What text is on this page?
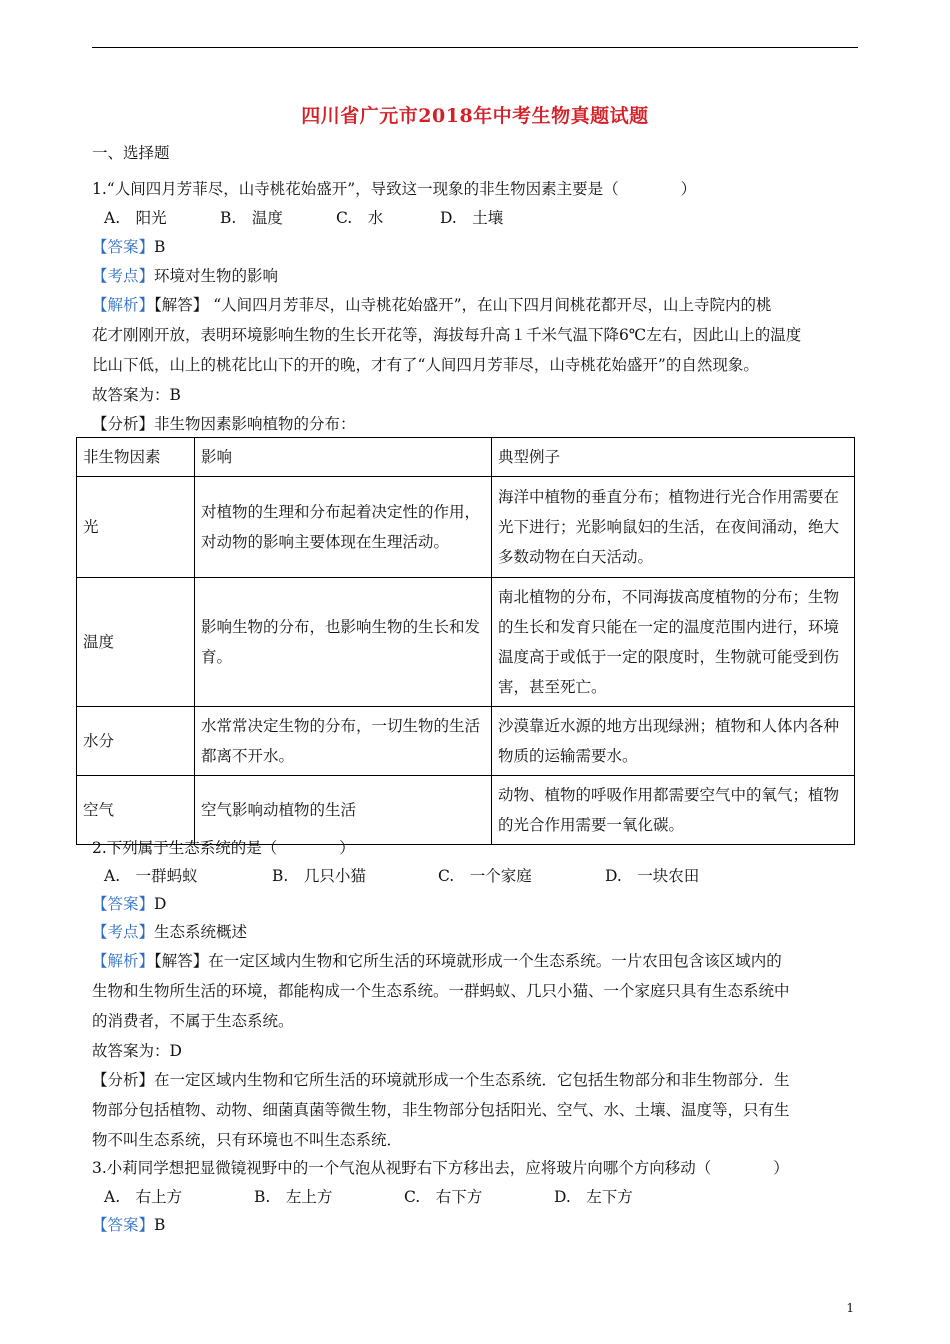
四川省广元市2018年中考生物真题试题
一、选择题
1.“人间四月芳菲尽，山寺桃花始盛开”，导致这一现象的非生物因素主要是（　　　　）
A.　阳光	B.　温度	C.　水	D.　土壤
【答案】B
【考点】环境对生物的影响
【解析】【解答】 “人间四月芳菲尽，山寺桃花始盛开”，在山下四月间桃花都开尽，山上寺院内的桃
花才刚刚开放，表明环境影响生物的生长开花等，海拔每升高１千米气温下降6℃左右，因此山上的温度
比山下低，山上的桃花比山下的开的晚，才有了“人间四月芳菲尽，山寺桃花始盛开”的自然现象。
故答案为：B
【分析】非生物因素影响植物的分布：
非生物因素	影响	典型例子
光	对植物的生理和分布起着决定性的作用，对动物的影响主要体现在生理活动。	海洋中植物的垂直分布；植物进行光合作用需要在光下进行；光影响鼠妇的生活，在夜间涌动，绝大多数动物在白天活动。
温度	影响生物的分布，也影响生物的生长和发育。	南北植物的分布，不同海拔高度植物的分布；生物的生长和发育只能在一定的温度范围内进行，环境温度高于或低于一定的限度时，生物就可能受到伤害，甚至死亡。
水分	水常常决定生物的分布，一切生物的生活都离不开水。	沙漠靠近水源的地方出现绿洲；植物和人体内各种物质的运输需要水。
空气	空气影响动植物的生活	动物、植物的呼吸作用都需要空气中的氧气；植物的光合作用需要一氧化碳。
2.下列属于生态系统的是（　　　　）
A.　一群蚂蚁	B.　几只小猫	C.　一个家庭	D.　一块农田
【答案】D
【考点】生态系统概述
【解析】【解答】在一定区域内生物和它所生活的环境就形成一个生态系统。一片农田包含该区域内的
生物和生物所生活的环境，都能构成一个生态系统。一群蚂蚁、几只小猫、一个家庭只具有生态系统中
的消费者，不属于生态系统。
故答案为：D
【分析】在一定区域内生物和它所生活的环境就形成一个生态系统．它包括生物部分和非生物部分．生
物部分包括植物、动物、细菌真菌等微生物，非生物部分包括阳光、空气、水、土壤、温度等，只有生
物不叫生态系统，只有环境也不叫生态系统．
3.小莉同学想把显微镜视野中的一个气泡从视野右下方移出去，应将玻片向哪个方向移动（　　　　）
A.　右上方	B.　左上方	C.　右下方	D.　左下方
【答案】B
1
